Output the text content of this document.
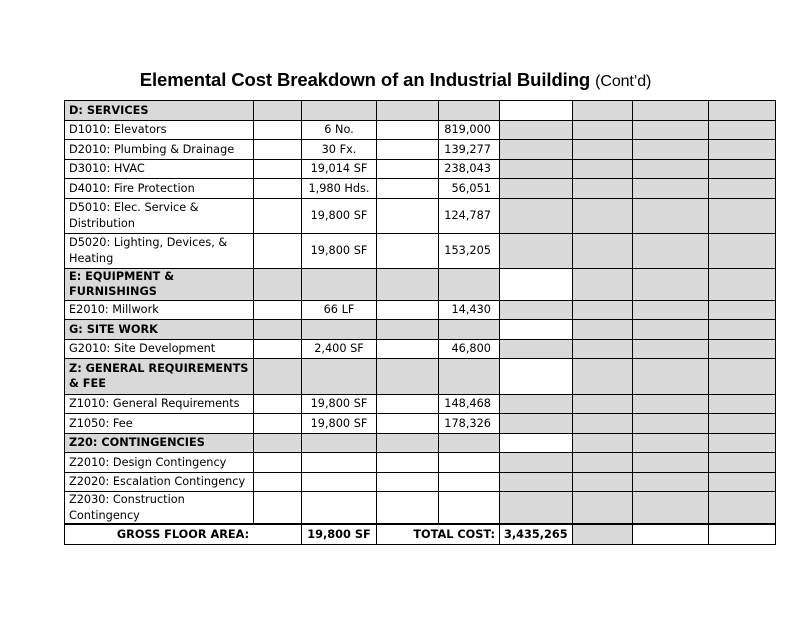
Elemental Cost Breakdown of an Industrial Building (Cont’d)
D: SERVICES								
D1010: Elevators		6 No.		819,000				
D2010: Plumbing & Drainage		30 Fx.		139,277				
D3010: HVAC		19,014 SF		238,043				
D4010: Fire Protection		1,980 Hds.		56,051				
D5010: Elec. Service & Distribution		19,800 SF		124,787				
D5020: Lighting, Devices, & Heating		19,800 SF		153,205				
E: EQUIPMENT & FURNISHINGS								
E2010: Millwork		66 LF		14,430				
G: SITE WORK								
G2010: Site Development		2,400 SF		46,800				
Z: GENERAL REQUIREMENTS & FEE								
Z1010: General Requirements		19,800 SF		148,468				
Z1050: Fee		19,800 SF		178,326				
Z20: CONTINGENCIES								
Z2010: Design Contingency								
Z2020: Escalation Contingency								
Z2030: Construction Contingency								
GROSS FLOOR AREA:		19,800 SF	TOTAL COST:		3,435,265			
